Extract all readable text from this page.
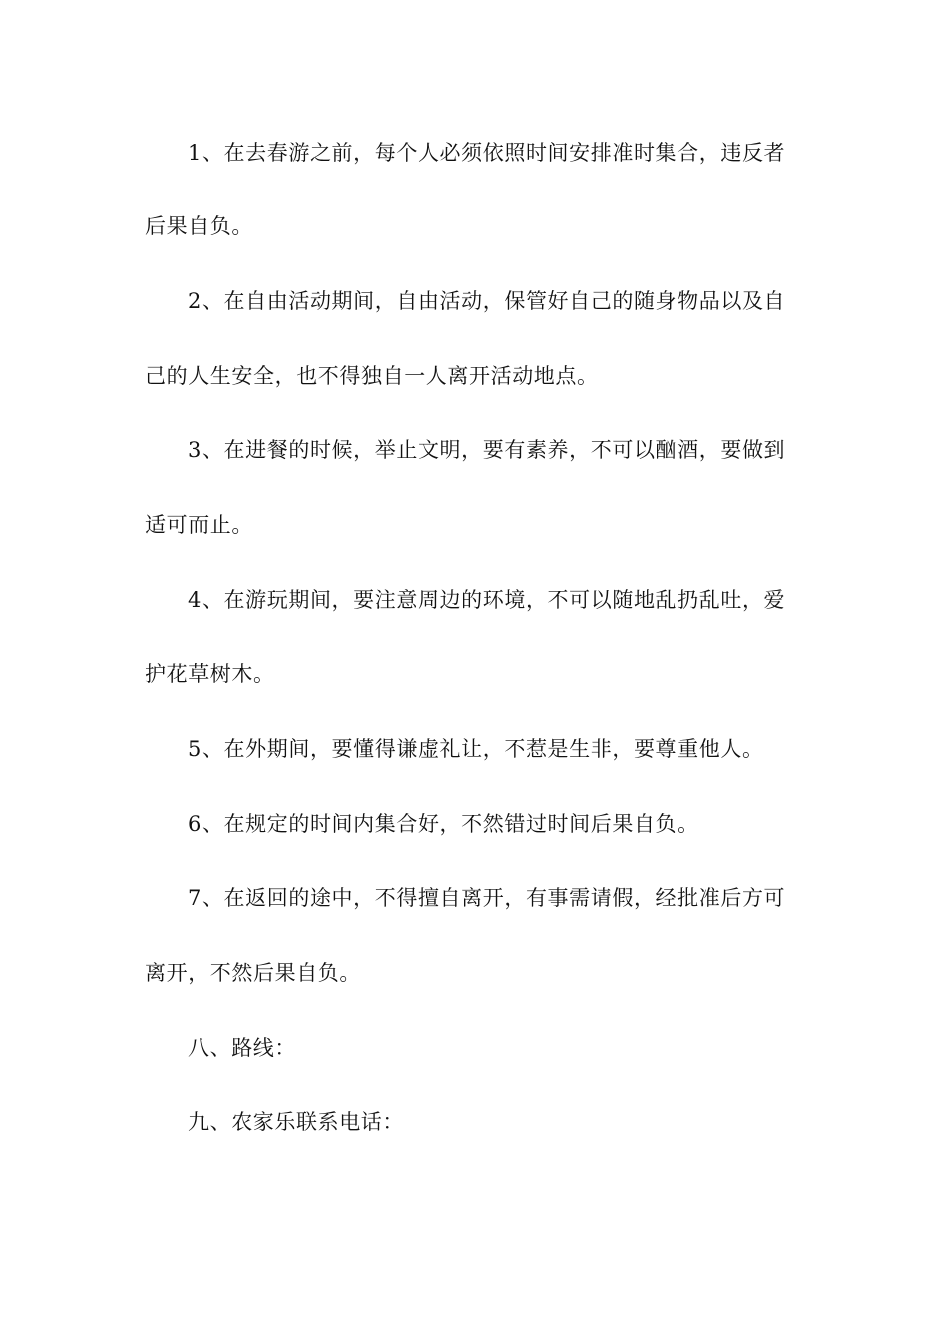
1、在去春游之前，每个人必须依照时间安排准时集合，违反者
后果自负。
2、在自由活动期间，自由活动，保管好自己的随身物品以及自
己的人生安全，也不得独自一人离开活动地点。
3、在进餐的时候，举止文明，要有素养，不可以酗酒，要做到
适可而止。
4、在游玩期间，要注意周边的环境，不可以随地乱扔乱吐，爱
护花草树木。
5、在外期间，要懂得谦虚礼让，不惹是生非，要尊重他人。
6、在规定的时间内集合好，不然错过时间后果自负。
7、在返回的途中，不得擅自离开，有事需请假，经批准后方可
离开，不然后果自负。
八、路线：
九、农家乐联系电话：
